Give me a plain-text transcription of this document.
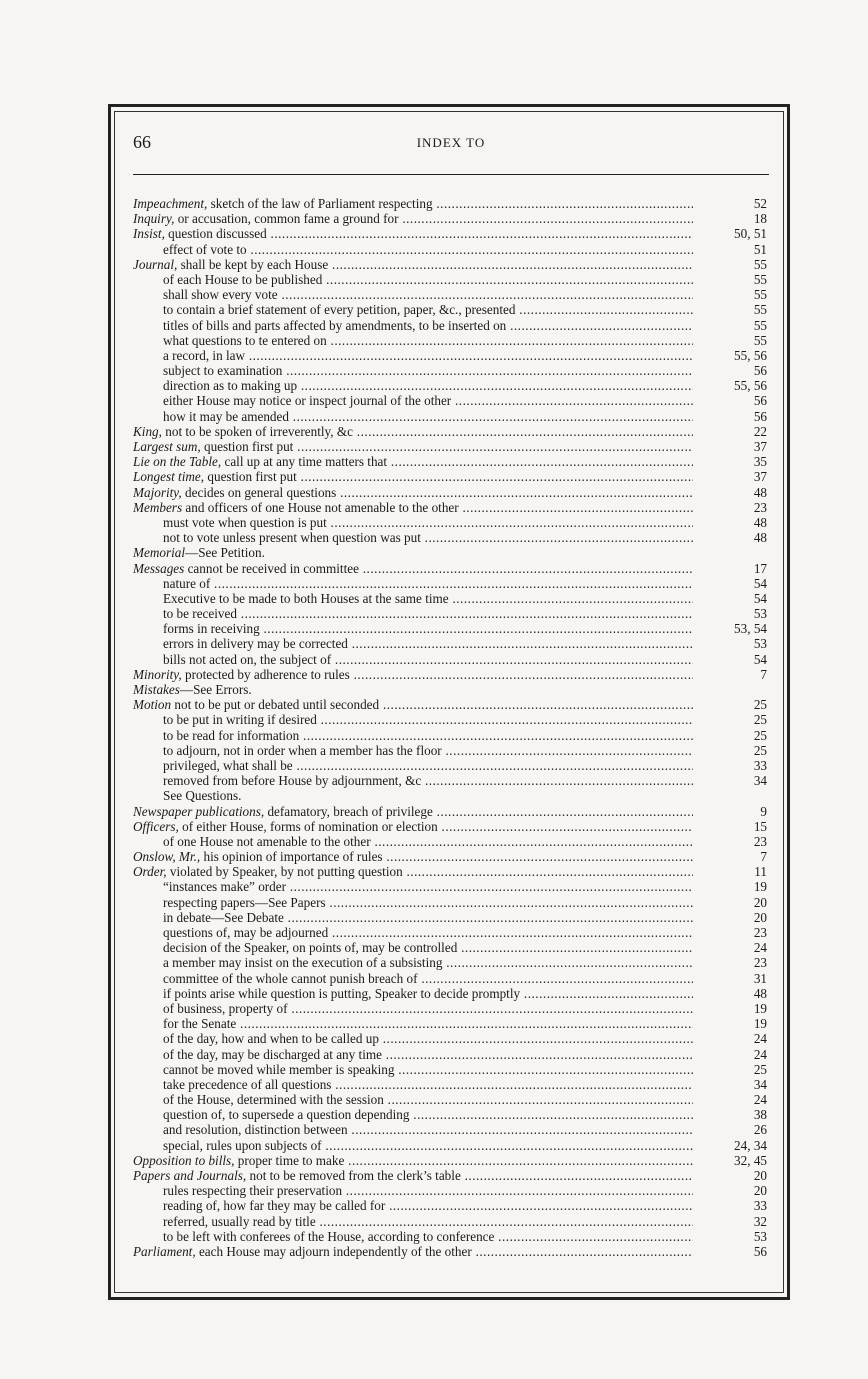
66	INDEX TO
Impeachment, sketch of the law of Parliament respecting .....	52
Inquiry, or accusation, common fame a ground for .....	18
Insist, question discussed .....	50, 51
effect of vote to .....	51
Journal, shall be kept by each House .....	55
of each House to be published .....	55
shall show every vote .....	55
to contain a brief statement of every petition, paper, &c., presented .....	55
titles of bills and parts affected by amendments, to be inserted on .....	55
what questions to te entered on .....	55
a record, in law .....	55, 56
subject to examination .....	56
direction as to making up .....	55, 56
either House may notice or inspect journal of the other .....	56
how it may be amended .....	56
King, not to be spoken of irreverently, &c .....	22
Largest sum, question first put .....	37
Lie on the Table, call up at any time matters that .....	35
Longest time, question first put .....	37
Majority, decides on general questions .....	48
Members and officers of one House not amenable to the other .....	23
must vote when question is put .....	48
not to vote unless present when question was put .....	48
Memorial—See Petition.
Messages cannot be received in committee .....	17
nature of .....	54
Executive to be made to both Houses at the same time .....	54
to be received .....	53
forms in receiving .....	53, 54
errors in delivery may be corrected .....	53
bills not acted on, the subject of .....	54
Minority, protected by adherence to rules .....	7
Mistakes—See Errors.
Motion not to be put or debated until seconded .....	25
to be put in writing if desired .....	25
to be read for information .....	25
to adjourn, not in order when a member has the floor .....	25
privileged, what shall be .....	33
removed from before House by adjournment, &c .....	34
See Questions.
Newspaper publications, defamatory, breach of privilege .....	9
Officers, of either House, forms of nomination or election .....	15
of one House not amenable to the other .....	23
Onslow, Mr., his opinion of importance of rules .....	7
Order, violated by Speaker, by not putting question .....	11
“instances make” order .....	19
respecting papers—See Papers .....	20
in debate—See Debate .....	20
questions of, may be adjourned .....	23
decision of the Speaker, on points of, may be controlled .....	24
a member may insist on the execution of a subsisting .....	23
committee of the whole cannot punish breach of .....	31
if points arise while question is putting, Speaker to decide promptly .....	48
of business, property of .....	19
for the Senate .....	19
of the day, how and when to be called up .....	24
of the day, may be discharged at any time .....	24
cannot be moved while member is speaking .....	25
take precedence of all questions .....	34
of the House, determined with the session .....	24
question of, to supersede a question depending .....	38
and resolution, distinction between .....	26
special, rules upon subjects of .....	24, 34
Opposition to bills, proper time to make .....	32, 45
Papers and Journals, not to be removed from the clerk’s table .....	20
rules respecting their preservation .....	20
reading of, how far they may be called for .....	33
referred, usually read by title .....	32
to be left with conferees of the House, according to conference .....	53
Parliament, each House may adjourn independently of the other .....	56
